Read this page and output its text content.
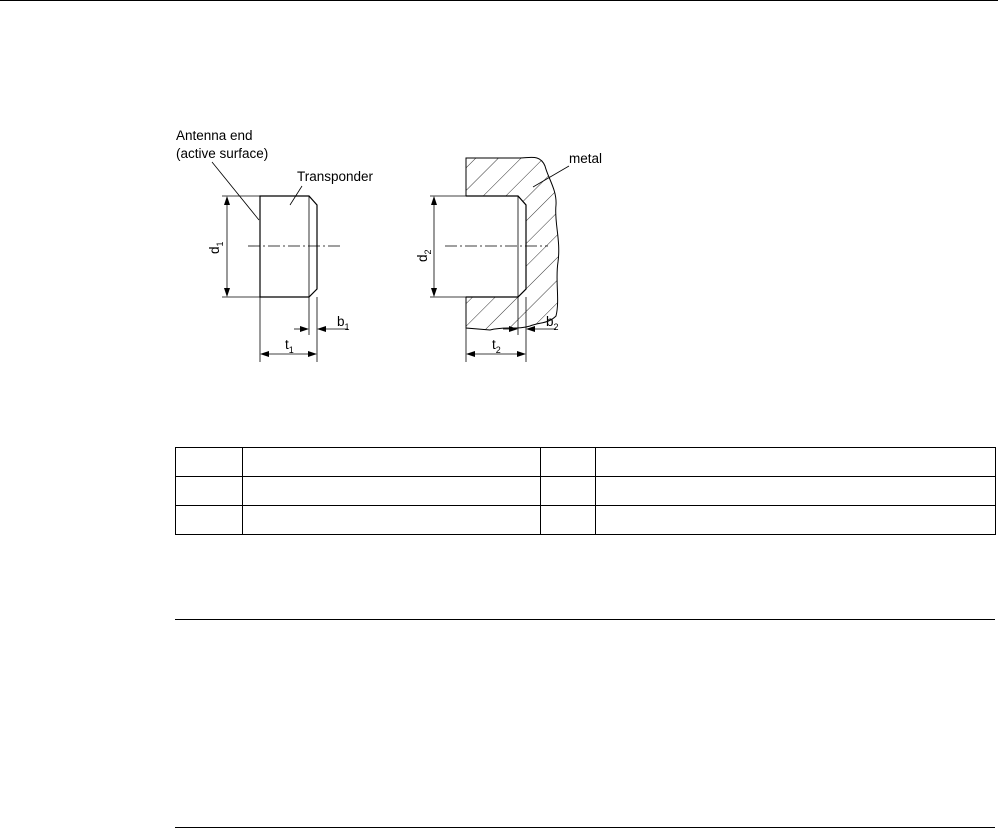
$d_1$
$t_1$
$b_1$
Antenna end
(active surface)
Transponder
$d_2$
$t_2$
$b_2$
metal
